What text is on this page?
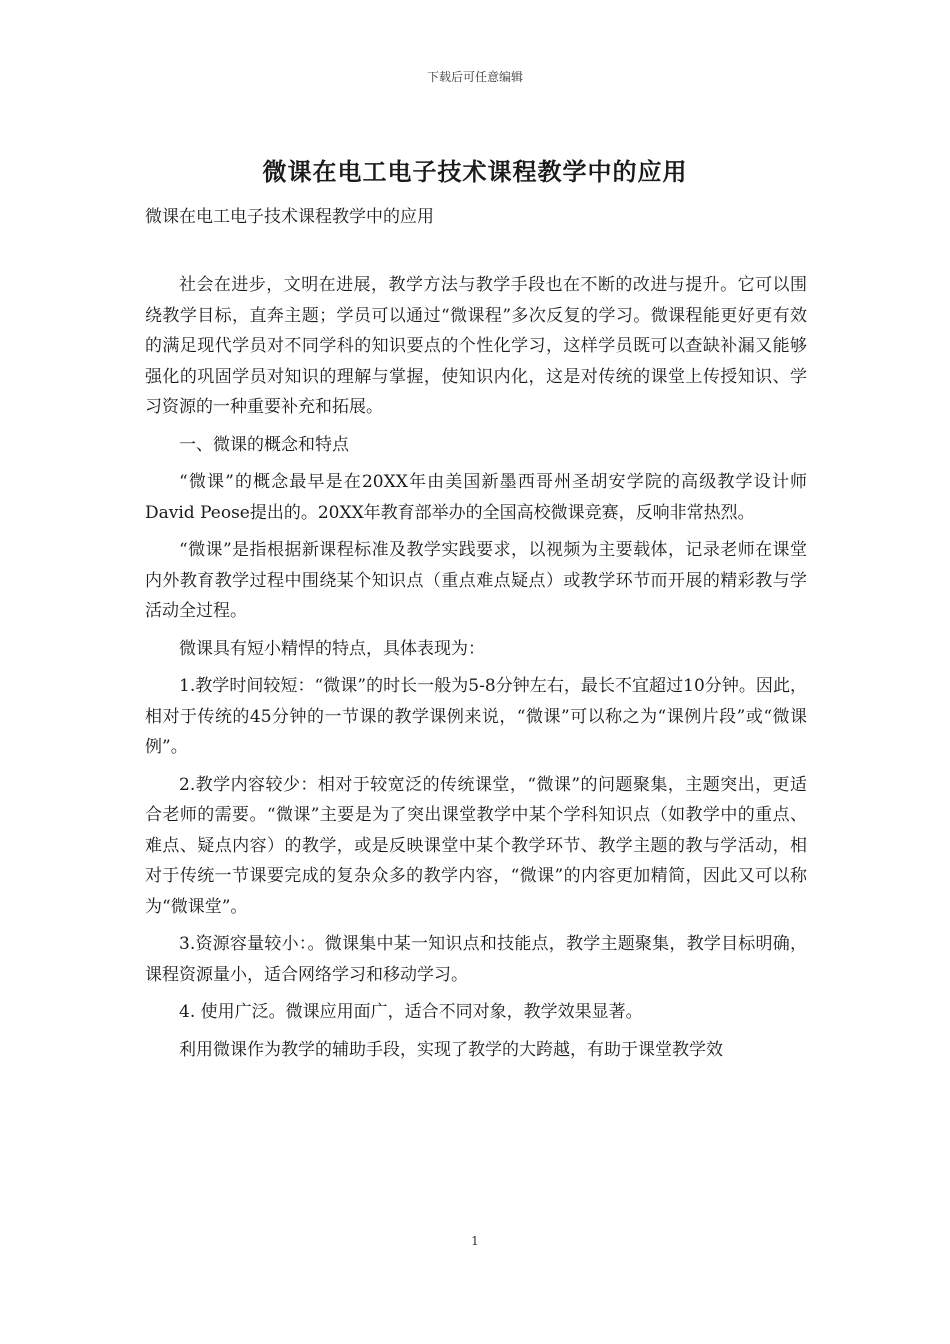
下载后可任意编辑
微课在电工电子技术课程教学中的应用
微课在电工电子技术课程教学中的应用

社会在进步，文明在进展，教学方法与教学手段也在不断的改进与提升。它可以围绕教学目标，直奔主题；学员可以通过“微课程”多次反复的学习。微课程能更好更有效的满足现代学员对不同学科的知识要点的个性化学习，这样学员既可以查缺补漏又能够强化的巩固学员对知识的理解与掌握，使知识内化，这是对传统的课堂上传授知识、学习资源的一种重要补充和拓展。

一、微课的概念和特点

“微课”的概念最早是在20XX年由美国新墨西哥州圣胡安学院的高级教学设计师David Peose提出的。20XX年教育部举办的全国高校微课竞赛，反响非常热烈。

“微课”是指根据新课程标准及教学实践要求，以视频为主要载体，记录老师在课堂内外教育教学过程中围绕某个知识点（重点难点疑点）或教学环节而开展的精彩教与学活动全过程。

微课具有短小精悍的特点，具体表现为：

1.教学时间较短：“微课”的时长一般为5-8分钟左右，最长不宜超过10分钟。因此，相对于传统的45分钟的一节课的教学课例来说，“微课”可以称之为“课例片段”或“微课例”。

2.教学内容较少：相对于较宽泛的传统课堂，“微课”的问题聚集，主题突出，更适合老师的需要。“微课”主要是为了突出课堂教学中某个学科知识点（如教学中的重点、难点、疑点内容）的教学，或是反映课堂中某个教学环节、教学主题的教与学活动，相对于传统一节课要完成的复杂众多的教学内容，“微课”的内容更加精简，因此又可以称为“微课堂”。

3.资源容量较小：。微课集中某一知识点和技能点，教学主题聚集，教学目标明确，课程资源量小，适合网络学习和移动学习。

4. 使用广泛。微课应用面广，适合不同对象，教学效果显著。

利用微课作为教学的辅助手段，实现了教学的大跨越，有助于课堂教学效

1
